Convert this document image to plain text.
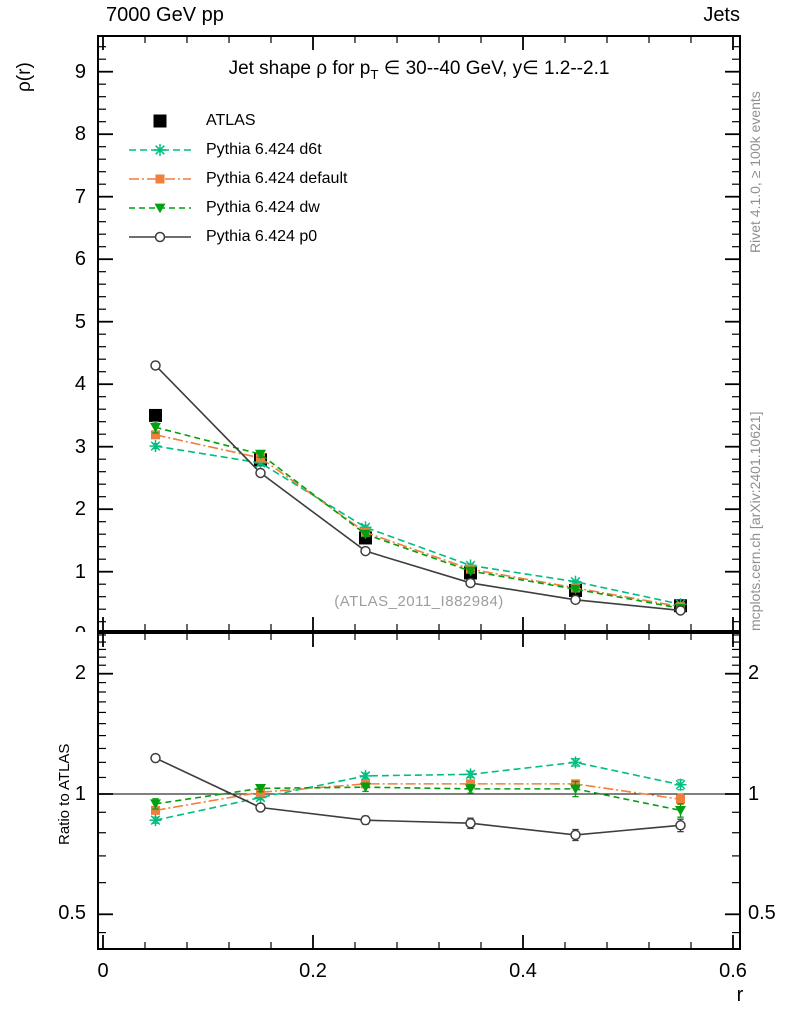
7000 GeV pp	Jets
ρ(r)	9
8
7
6
5
4
3
2
1
(ATLAS_2011_I882984)
Jet shape ρ for $p_T$ ∈ 30--40 GeV, y∈ 1.2--2.1
ATLAS
Pythia 6.424 d6t
Pythia 6.424 default
Pythia 6.424 dw
Pythia 6.424 p0	Rivet 4.1.0, ≥ 100k events
mcplots.cern.ch [arXiv:2401.10621]
Ratio to ATLAS
2
1
0.5
2
1
0.5
0	0.2	0.4	0.6
r
